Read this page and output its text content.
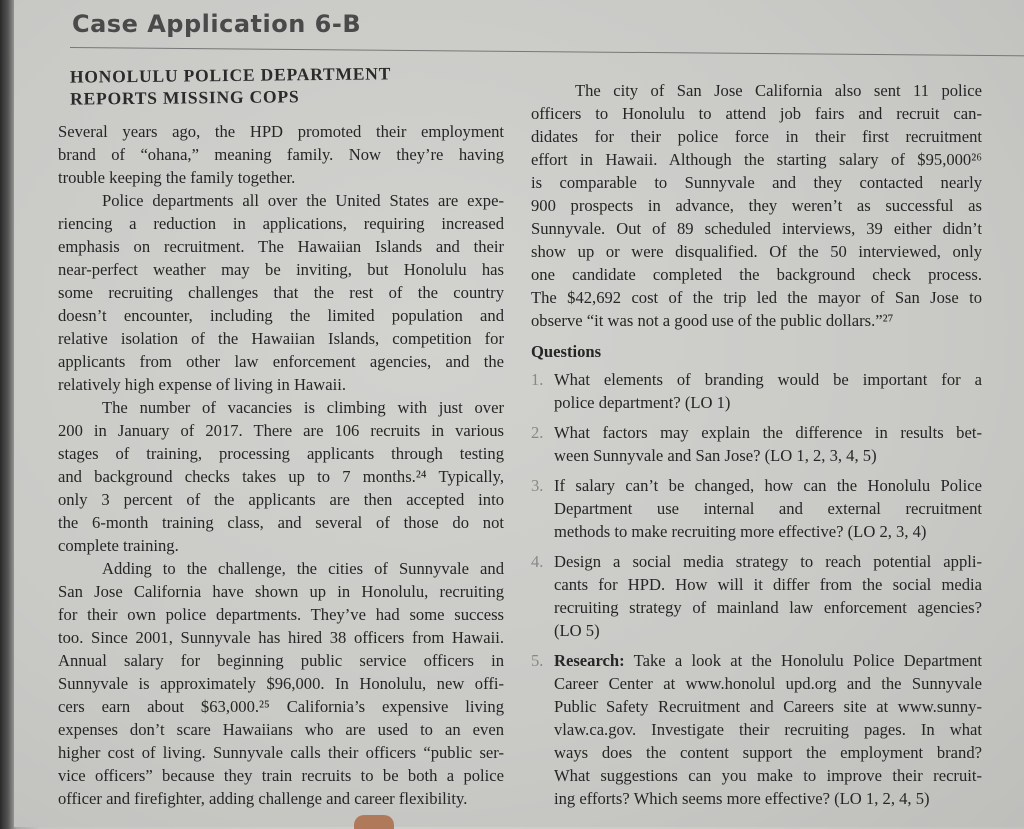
Case Application 6-B
HONOLULU POLICE DEPARTMENT
REPORTS MISSING COPS
Several years ago, the HPD promoted their employment
brand of “ohana,” meaning family. Now they’re having
trouble keeping the family together.
Police departments all over the United States are expe-
riencing a reduction in applications, requiring increased
emphasis on recruitment. The Hawaiian Islands and their
near-perfect weather may be inviting, but Honolulu has
some recruiting challenges that the rest of the country
doesn’t encounter, including the limited population and
relative isolation of the Hawaiian Islands, competition for
applicants from other law enforcement agencies, and the
relatively high expense of living in Hawaii.
The number of vacancies is climbing with just over
200 in January of 2017. There are 106 recruits in various
stages of training, processing applicants through testing
and background checks takes up to 7 months.²⁴ Typically,
only 3 percent of the applicants are then accepted into
the 6-month training class, and several of those do not
complete training.
Adding to the challenge, the cities of Sunnyvale and
San Jose California have shown up in Honolulu, recruiting
for their own police departments. They’ve had some success
too. Since 2001, Sunnyvale has hired 38 officers from Hawaii.
Annual salary for beginning public service officers in
Sunnyvale is approximately $96,000. In Honolulu, new offi-
cers earn about $63,000.²⁵ California’s expensive living
expenses don’t scare Hawaiians who are used to an even
higher cost of living. Sunnyvale calls their officers “public ser-
vice officers” because they train recruits to be both a police
officer and firefighter, adding challenge and career flexibility.
The city of San Jose California also sent 11 police
officers to Honolulu to attend job fairs and recruit can-
didates for their police force in their first recruitment
effort in Hawaii. Although the starting salary of $95,000²⁶
is comparable to Sunnyvale and they contacted nearly
900 prospects in advance, they weren’t as successful as
Sunnyvale. Out of 89 scheduled interviews, 39 either didn’t
show up or were disqualified. Of the 50 interviewed, only
one candidate completed the background check process.
The $42,692 cost of the trip led the mayor of San Jose to
observe “it was not a good use of the public dollars.”²⁷
Questions
1. What elements of branding would be important for a
police department? (LO 1)
2. What factors may explain the difference in results bet-
ween Sunnyvale and San Jose? (LO 1, 2, 3, 4, 5)
3. If salary can’t be changed, how can the Honolulu Police
Department use internal and external recruitment
methods to make recruiting more effective? (LO 2, 3, 4)
4. Design a social media strategy to reach potential appli-
cants for HPD. How will it differ from the social media
recruiting strategy of mainland law enforcement agencies?
(LO 5)
5. Research: Take a look at the Honolulu Police Department
Career Center at www.honolul upd.org and the Sunnyvale
Public Safety Recruitment and Careers site at www.sunny-
vlaw.ca.gov. Investigate their recruiting pages. In what
ways does the content support the employment brand?
What suggestions can you make to improve their recruit-
ing efforts? Which seems more effective? (LO 1, 2, 4, 5)
